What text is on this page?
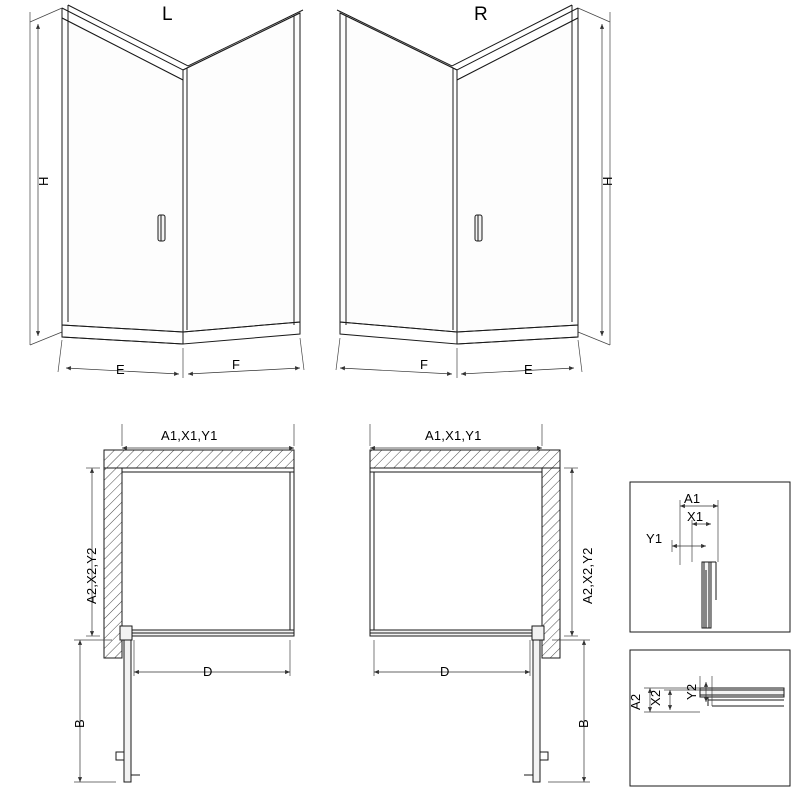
L	R
H	H
E	F	F	E
A1,X1,Y1
A2,X2,Y2
D
B
A1,X1,Y1
A2,X2,Y2
D
B
A1
X1
Y1
A2 X2 Y2
